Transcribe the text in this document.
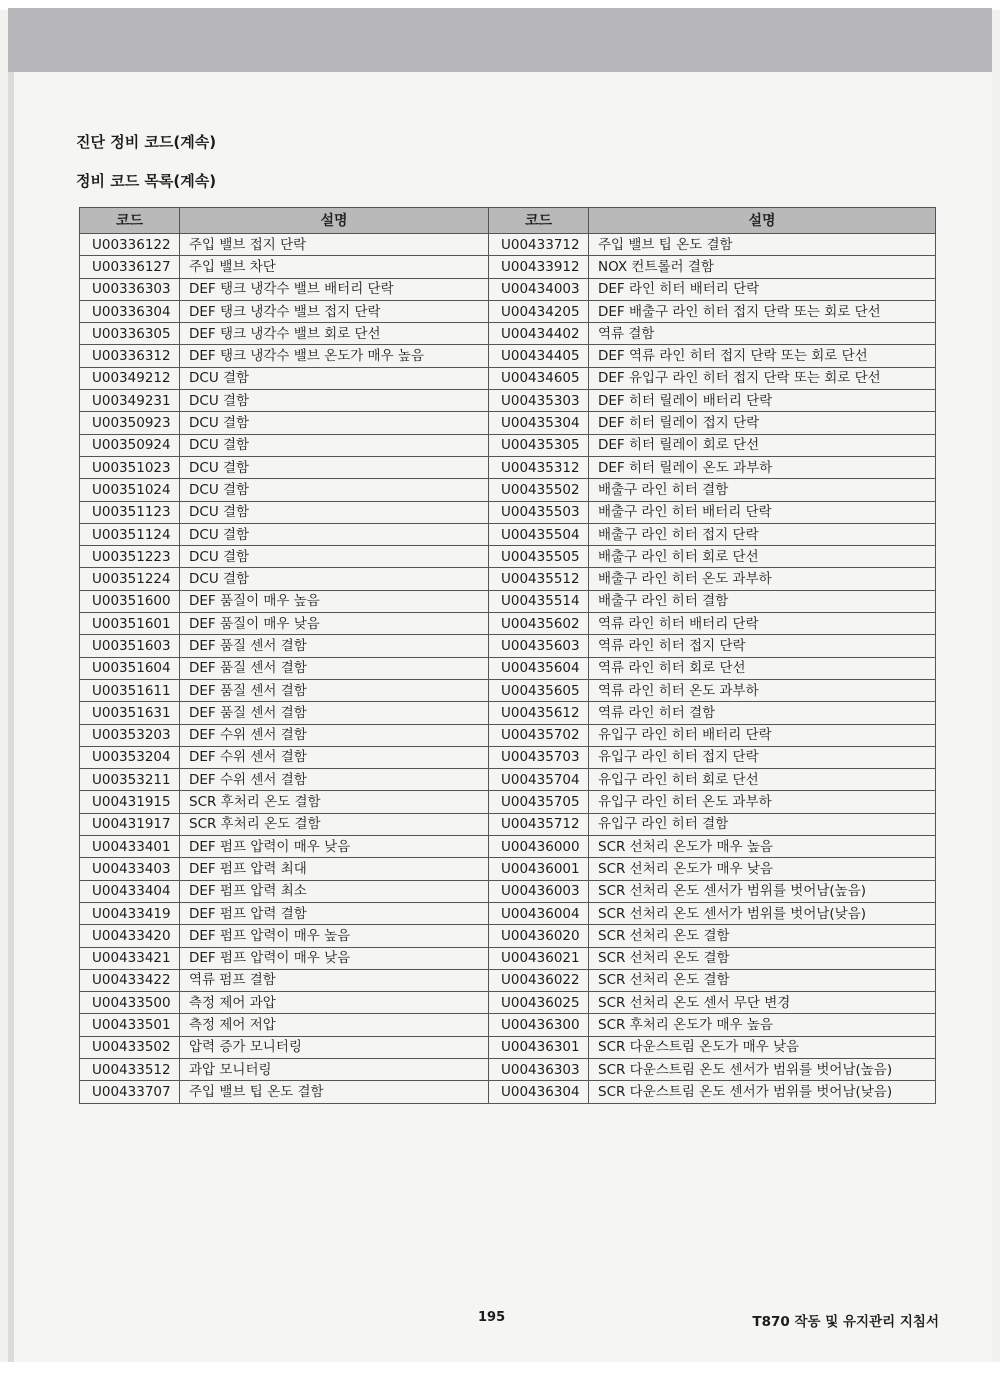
진단 정비 코드(계속)
정비 코드 목록(계속)
코드	설명	코드	설명
U00336122	주입 밸브 접지 단락	U00433712	주입 밸브 팁 온도 결함
U00336127	주입 밸브 차단	U00433912	NOX 컨트롤러 결함
U00336303	DEF 탱크 냉각수 밸브 배터리 단락	U00434003	DEF 라인 히터 배터리 단락
U00336304	DEF 탱크 냉각수 밸브 접지 단락	U00434205	DEF 배출구 라인 히터 접지 단락 또는 회로 단선
U00336305	DEF 탱크 냉각수 밸브 회로 단선	U00434402	역류 결함
U00336312	DEF 탱크 냉각수 밸브 온도가 매우 높음	U00434405	DEF 역류 라인 히터 접지 단락 또는 회로 단선
U00349212	DCU 결함	U00434605	DEF 유입구 라인 히터 접지 단락 또는 회로 단선
U00349231	DCU 결함	U00435303	DEF 히터 릴레이 배터리 단락
U00350923	DCU 결함	U00435304	DEF 히터 릴레이 접지 단락
U00350924	DCU 결함	U00435305	DEF 히터 릴레이 회로 단선
U00351023	DCU 결함	U00435312	DEF 히터 릴레이 온도 과부하
U00351024	DCU 결함	U00435502	배출구 라인 히터 결함
U00351123	DCU 결함	U00435503	배출구 라인 히터 배터리 단락
U00351124	DCU 결함	U00435504	배출구 라인 히터 접지 단락
U00351223	DCU 결함	U00435505	배출구 라인 히터 회로 단선
U00351224	DCU 결함	U00435512	배출구 라인 히터 온도 과부하
U00351600	DEF 품질이 매우 높음	U00435514	배출구 라인 히터 결함
U00351601	DEF 품질이 매우 낮음	U00435602	역류 라인 히터 배터리 단락
U00351603	DEF 품질 센서 결함	U00435603	역류 라인 히터 접지 단락
U00351604	DEF 품질 센서 결함	U00435604	역류 라인 히터 회로 단선
U00351611	DEF 품질 센서 결함	U00435605	역류 라인 히터 온도 과부하
U00351631	DEF 품질 센서 결함	U00435612	역류 라인 히터 결함
U00353203	DEF 수위 센서 결함	U00435702	유입구 라인 히터 배터리 단락
U00353204	DEF 수위 센서 결함	U00435703	유입구 라인 히터 접지 단락
U00353211	DEF 수위 센서 결함	U00435704	유입구 라인 히터 회로 단선
U00431915	SCR 후처리 온도 결함	U00435705	유입구 라인 히터 온도 과부하
U00431917	SCR 후처리 온도 결함	U00435712	유입구 라인 히터 결함
U00433401	DEF 펌프 압력이 매우 낮음	U00436000	SCR 선처리 온도가 매우 높음
U00433403	DEF 펌프 압력 최대	U00436001	SCR 선처리 온도가 매우 낮음
U00433404	DEF 펌프 압력 최소	U00436003	SCR 선처리 온도 센서가 범위를 벗어남(높음)
U00433419	DEF 펌프 압력 결함	U00436004	SCR 선처리 온도 센서가 범위를 벗어남(낮음)
U00433420	DEF 펌프 압력이 매우 높음	U00436020	SCR 선처리 온도 결함
U00433421	DEF 펌프 압력이 매우 낮음	U00436021	SCR 선처리 온도 결함
U00433422	역류 펌프 결함	U00436022	SCR 선처리 온도 결함
U00433500	측정 제어 과압	U00436025	SCR 선처리 온도 센서 무단 변경
U00433501	측정 제어 저압	U00436300	SCR 후처리 온도가 매우 높음
U00433502	압력 증가 모니터링	U00436301	SCR 다운스트림 온도가 매우 낮음
U00433512	과압 모니터링	U00436303	SCR 다운스트림 온도 센서가 범위를 벗어남(높음)
U00433707	주입 밸브 팁 온도 결함	U00436304	SCR 다운스트림 온도 센서가 범위를 벗어남(낮음)
195	T870 작동 및 유지관리 지침서
